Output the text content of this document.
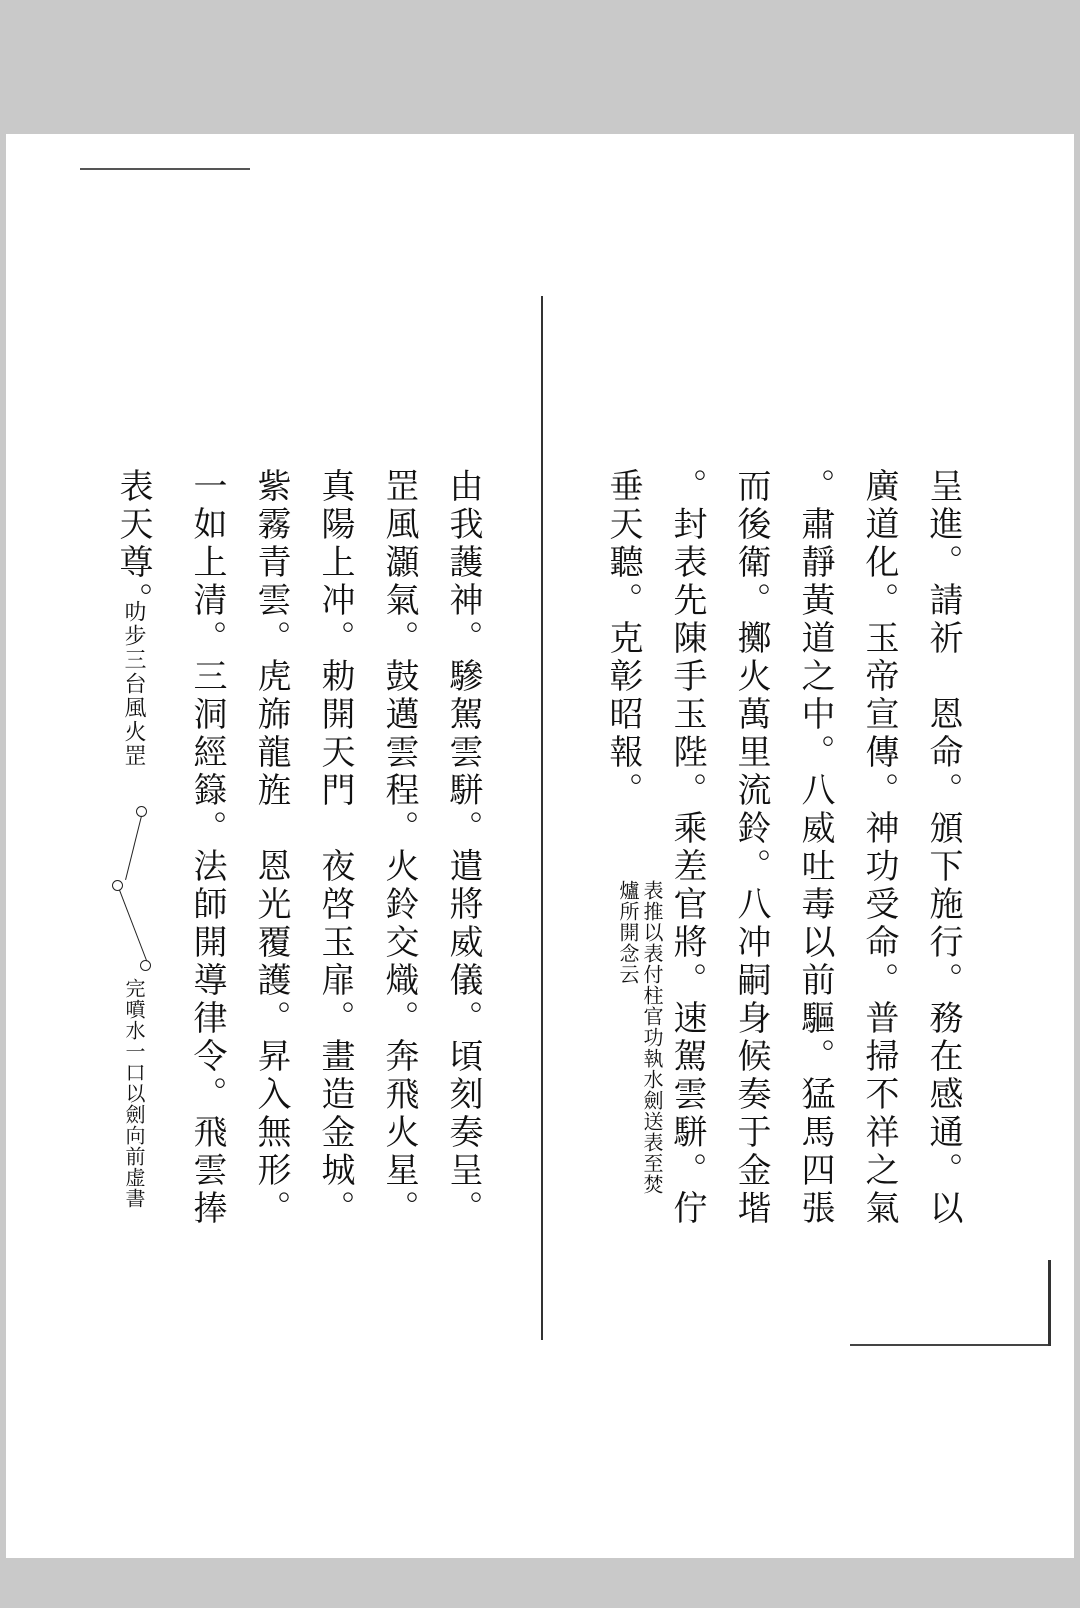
呈進。請祈　恩命。頒下施行。務在感通。以
廣道化。玉帝宣傳。神功受命。普掃不祥之氣
。肅靜黃道之中。八威吐毒以前驅。猛馬四張
而後衛。擲火萬里流鈴。八冲嗣身候奏于金堦
。封表先陳手玉陛。乘差官將。速駕雲駢。佇
垂天聽。克彰昭報。
表推以表付柱官功執水劍送表至焚
爐所開念云
由我䕶神。驂駕雲駢。遣將威儀。頃刻奏呈。
罡風灝氣。鼓邁雲程。火鈴交熾。奔飛火星。
真陽上冲。勅開天門　夜啓玉扉。畫造金城。
紫霧青雲。虎旆龍旌　恩光覆護。昇入無形。
一如上清。三洞經籙。法師開導律令。飛雲捧
表天尊。
叻步三台風火罡
完噴水一口以劍向前虚書
